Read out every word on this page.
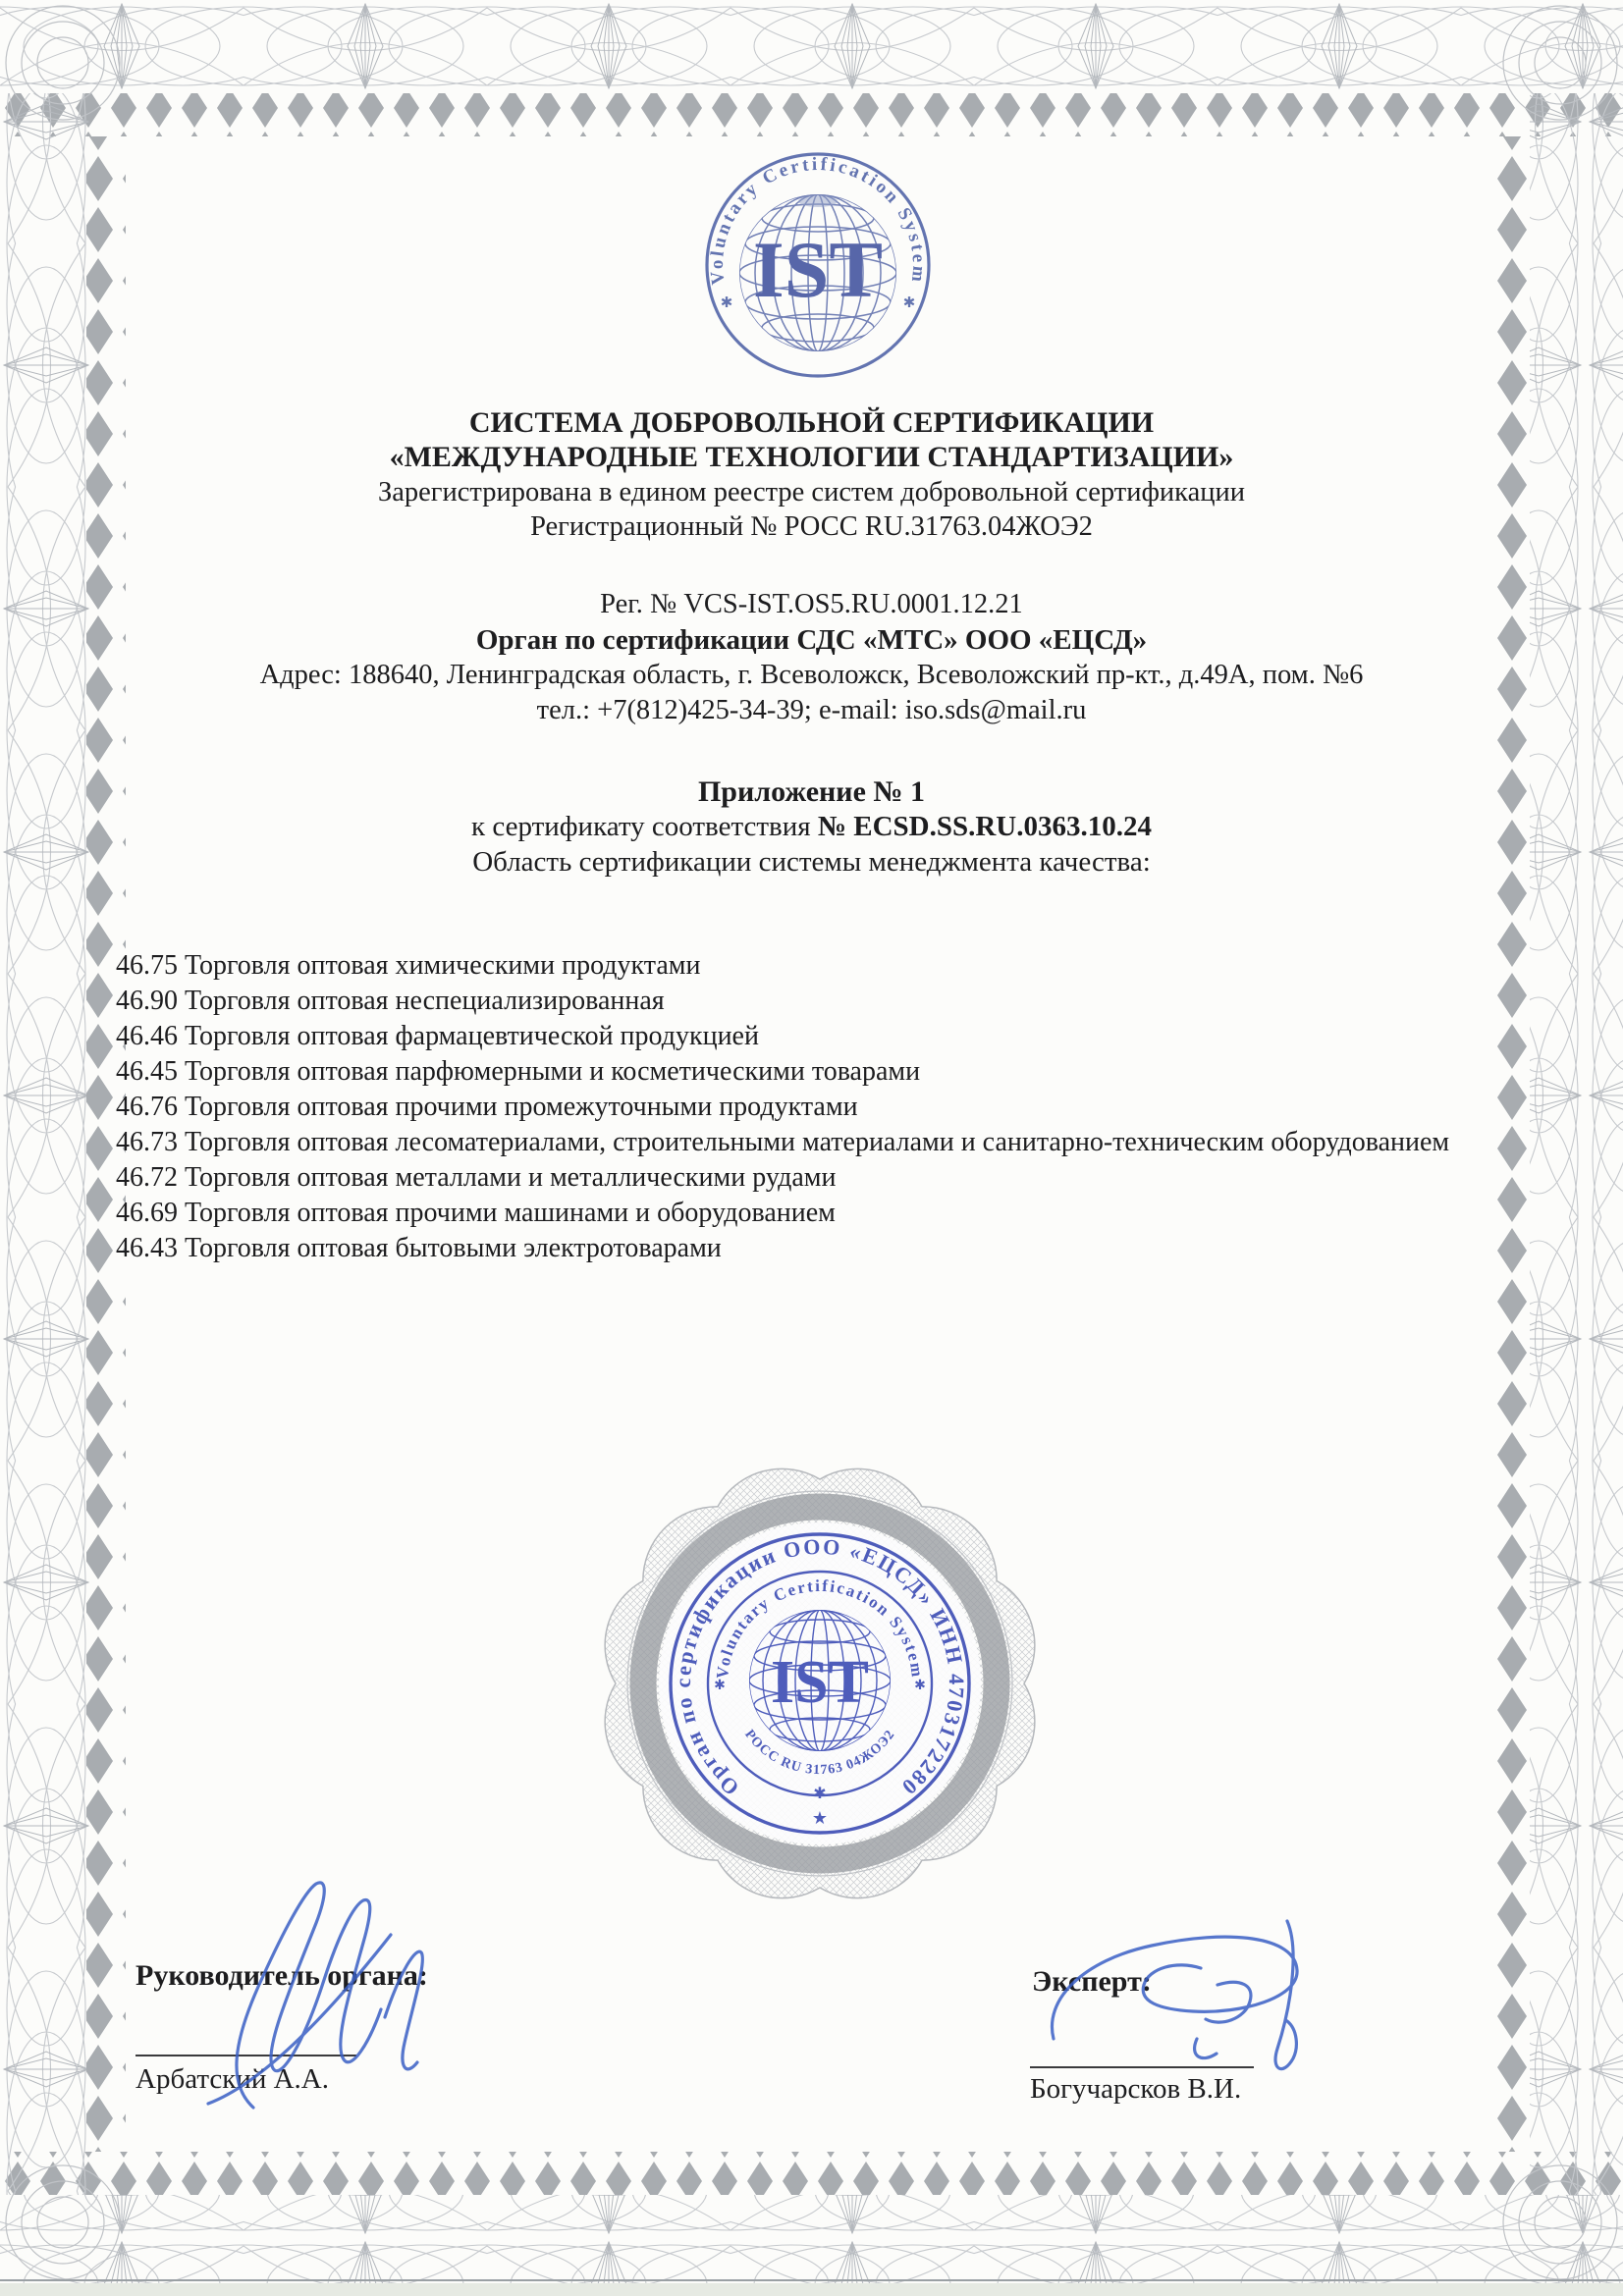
Voluntary Certification System
✱	✱
IST
СИСТЕМА ДОБРОВОЛЬНОЙ СЕРТИФИКАЦИИ
«МЕЖДУНАРОДНЫЕ ТЕХНОЛОГИИ СТАНДАРТИЗАЦИИ»
Зарегистрирована в едином реестре систем добровольной сертификации
Регистрационный № РОСС RU.31763.04ЖОЭ2
Рег. № VCS-IST.OS5.RU.0001.12.21
Орган по сертификации СДС «МТС» ООО «ЕЦСД»
Адрес: 188640, Ленинградская область, г. Всеволожск, Всеволожский пр-кт., д.49А, пом. №6
тел.: +7(812)425-34-39; e-mail: iso.sds@mail.ru
Приложение № 1
к сертификату соответствия № ECSD.SS.RU.0363.10.24
Область сертификации системы менеджмента качества:
46.75 Торговля оптовая химическими продуктами
46.90 Торговля оптовая неспециализированная
46.46 Торговля оптовая фармацевтической продукцией
46.45 Торговля оптовая парфюмерными и косметическими товарами
46.76 Торговля оптовая прочими промежуточными продуктами
46.73 Торговля оптовая лесоматериалами, строительными материалами и санитарно-техническим оборудованием
46.72 Торговля оптовая металлами и металлическими рудами
46.69 Торговля оптовая прочими машинами и оборудованием
46.43 Торговля оптовая бытовыми электротоварами
Орган по сертификации ООО «ЕЦСД» ИНН 4703172280
★
Voluntary Certification System
РОСС RU 31763 04ЖОЭ2
✱	✱
✱
IST
Руководитель органа:
Арбатский А.А.
Эксперт:
Богучарсков В.И.
